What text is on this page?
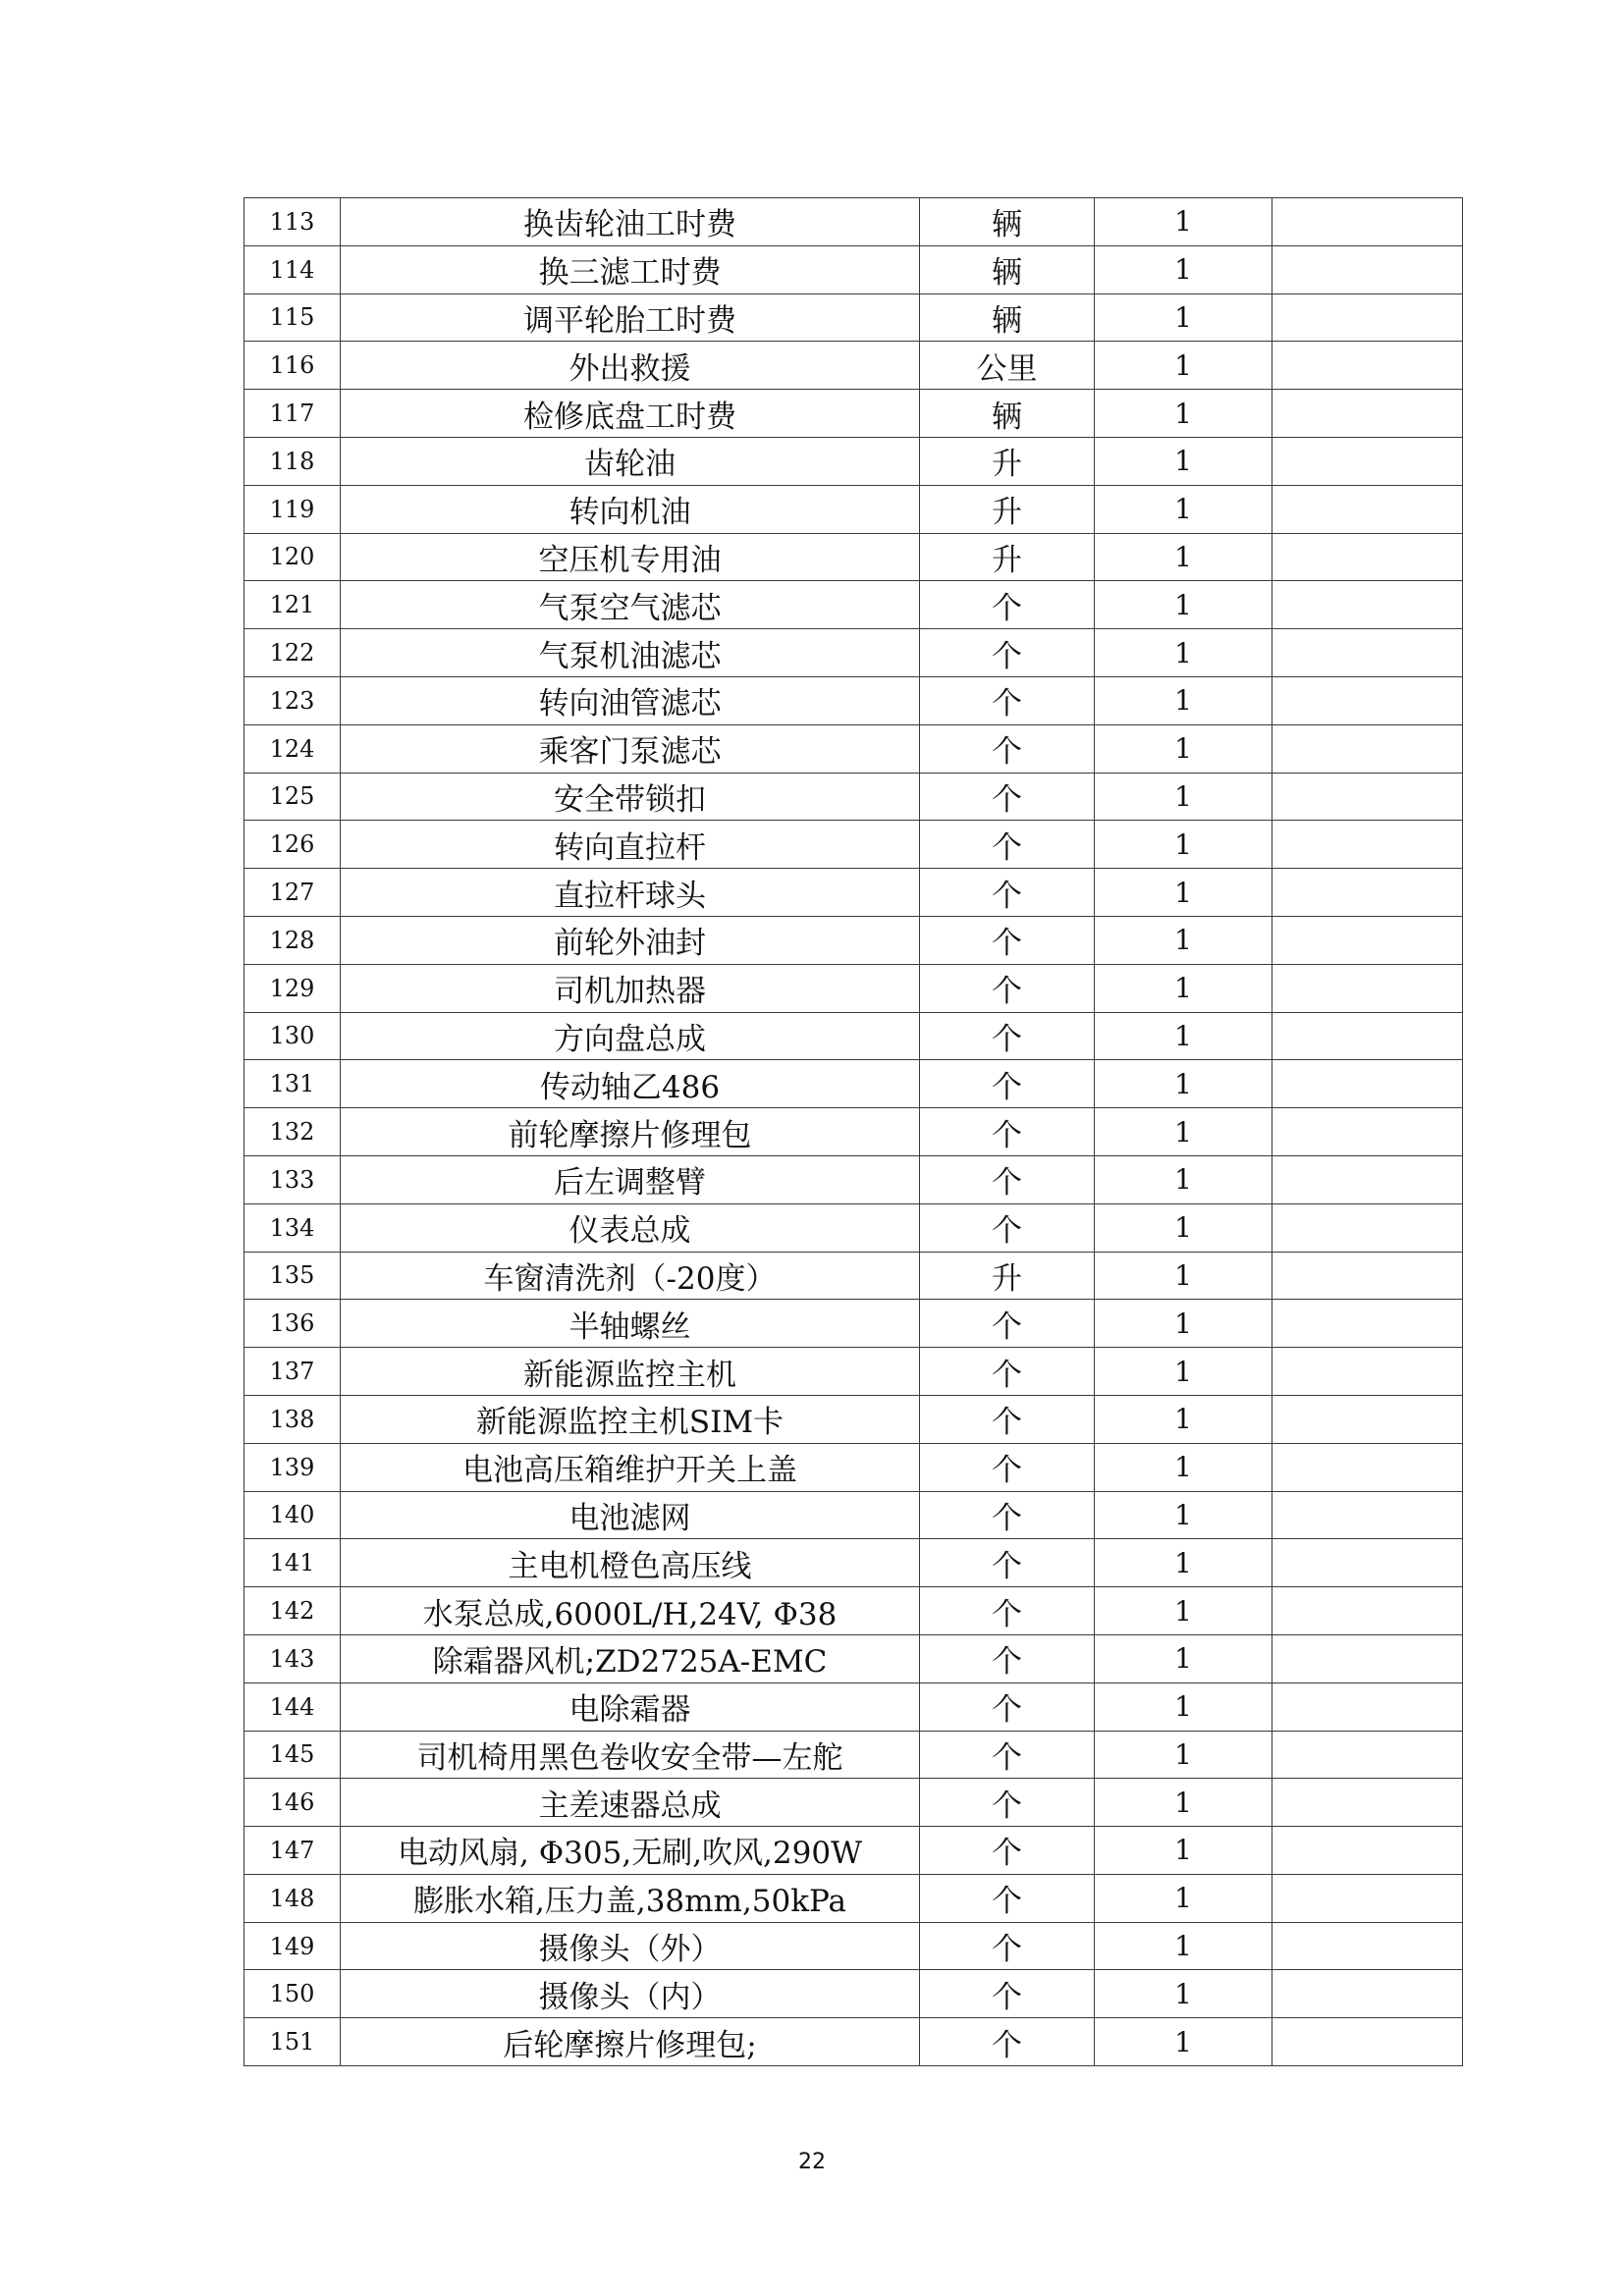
113	换齿轮油工时费	辆	1	
114	换三滤工时费	辆	1	
115	调平轮胎工时费	辆	1	
116	外出救援	公里	1	
117	检修底盘工时费	辆	1	
118	齿轮油	升	1	
119	转向机油	升	1	
120	空压机专用油	升	1	
121	气泵空气滤芯	个	1	
122	气泵机油滤芯	个	1	
123	转向油管滤芯	个	1	
124	乘客门泵滤芯	个	1	
125	安全带锁扣	个	1	
126	转向直拉杆	个	1	
127	直拉杆球头	个	1	
128	前轮外油封	个	1	
129	司机加热器	个	1	
130	方向盘总成	个	1	
131	传动轴乙486	个	1	
132	前轮摩擦片修理包	个	1	
133	后左调整臂	个	1	
134	仪表总成	个	1	
135	车窗清洗剂（-20度）	升	1	
136	半轴螺丝	个	1	
137	新能源监控主机	个	1	
138	新能源监控主机SIM卡	个	1	
139	电池高压箱维护开关上盖	个	1	
140	电池滤网	个	1	
141	主电机橙色高压线	个	1	
142	水泵总成,6000L/H,24V, Φ38	个	1	
143	除霜器风机;ZD2725A-EMC	个	1	
144	电除霜器	个	1	
145	司机椅用黑色卷收安全带—左舵	个	1	
146	主差速器总成	个	1	
147	电动风扇, Φ305,无刷,吹风,290W	个	1	
148	膨胀水箱,压力盖,38mm,50kPa	个	1	
149	摄像头（外）	个	1	
150	摄像头（内）	个	1	
151	后轮摩擦片修理包;	个	1	
22
